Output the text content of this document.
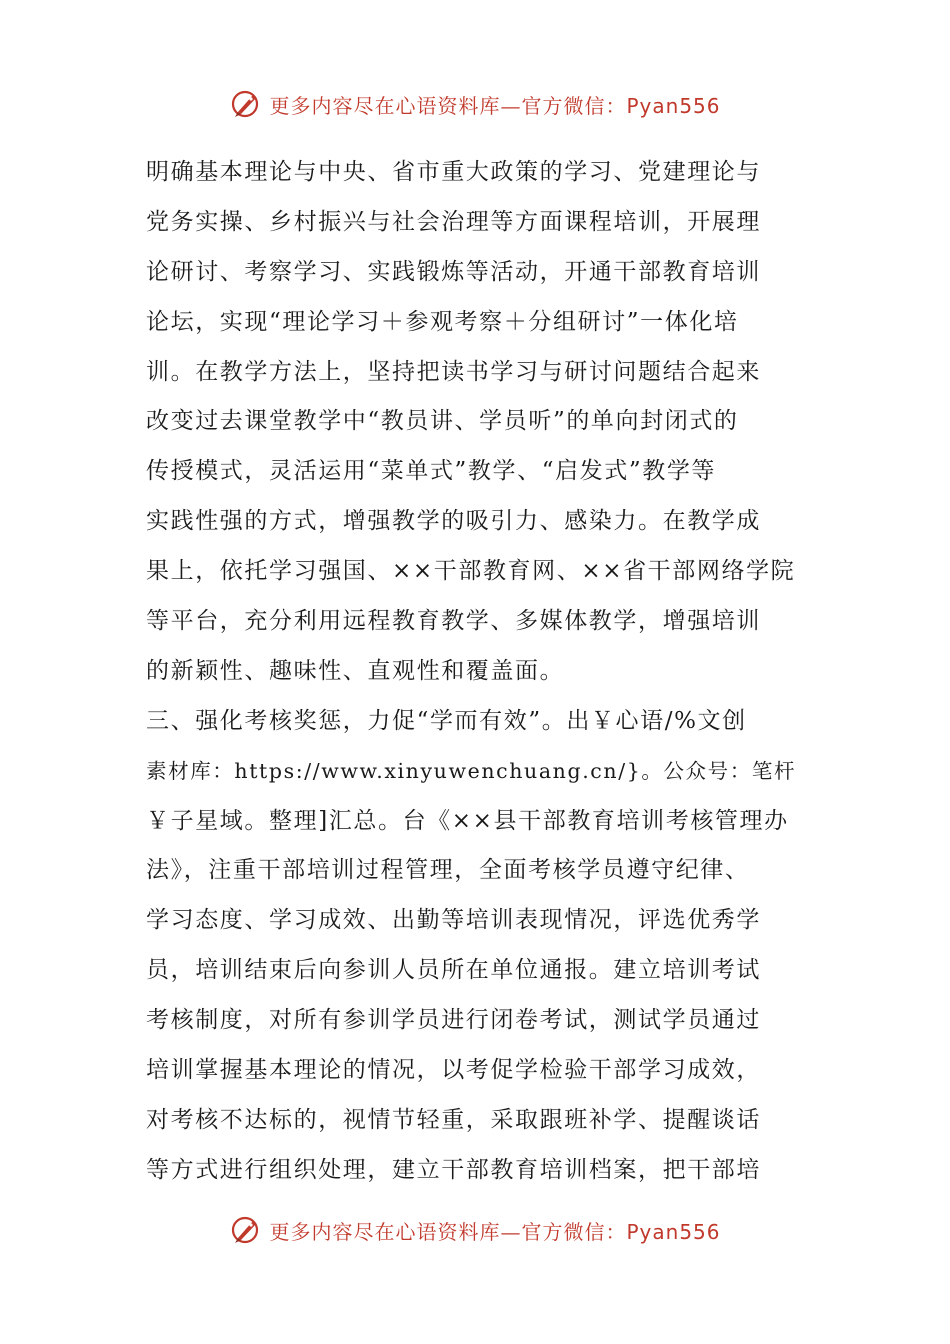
更多内容尽在心语资料库—官方微信：Pyan556
明确基本理论与中央、省市重大政策的学习、党建理论与
党务实操、乡村振兴与社会治理等方面课程培训，开展理
论研讨、考察学习、实践锻炼等活动，开通干部教育培训
论坛，实现“理论学习＋参观考察＋分组研讨”一体化培
训。在教学方法上，坚持把读书学习与研讨问题结合起来
改变过去课堂教学中“教员讲、学员听”的单向封闭式的
传授模式，灵活运用“菜单式”教学、“启发式”教学等
实践性强的方式，增强教学的吸引力、感染力。在教学成
果上，依托学习强国、××干部教育网、××省干部网络学院
等平台，充分利用远程教育教学、多媒体教学，增强培训
的新颖性、趣味性、直观性和覆盖面。
三、强化考核奖惩，力促“学而有效”。出￥心语/%文创
素材库：https://www.xinyuwenchuang.cn/}。公众号：笔杆
￥子星域。整理]汇总。台《××县干部教育培训考核管理办
法》，注重干部培训过程管理，全面考核学员遵守纪律、
学习态度、学习成效、出勤等培训表现情况，评选优秀学
员，培训结束后向参训人员所在单位通报。建立培训考试
考核制度，对所有参训学员进行闭卷考试，测试学员通过
培训掌握基本理论的情况，以考促学检验干部学习成效，
对考核不达标的，视情节轻重，采取跟班补学、提醒谈话
等方式进行组织处理，建立干部教育培训档案，把干部培
更多内容尽在心语资料库—官方微信：Pyan556
